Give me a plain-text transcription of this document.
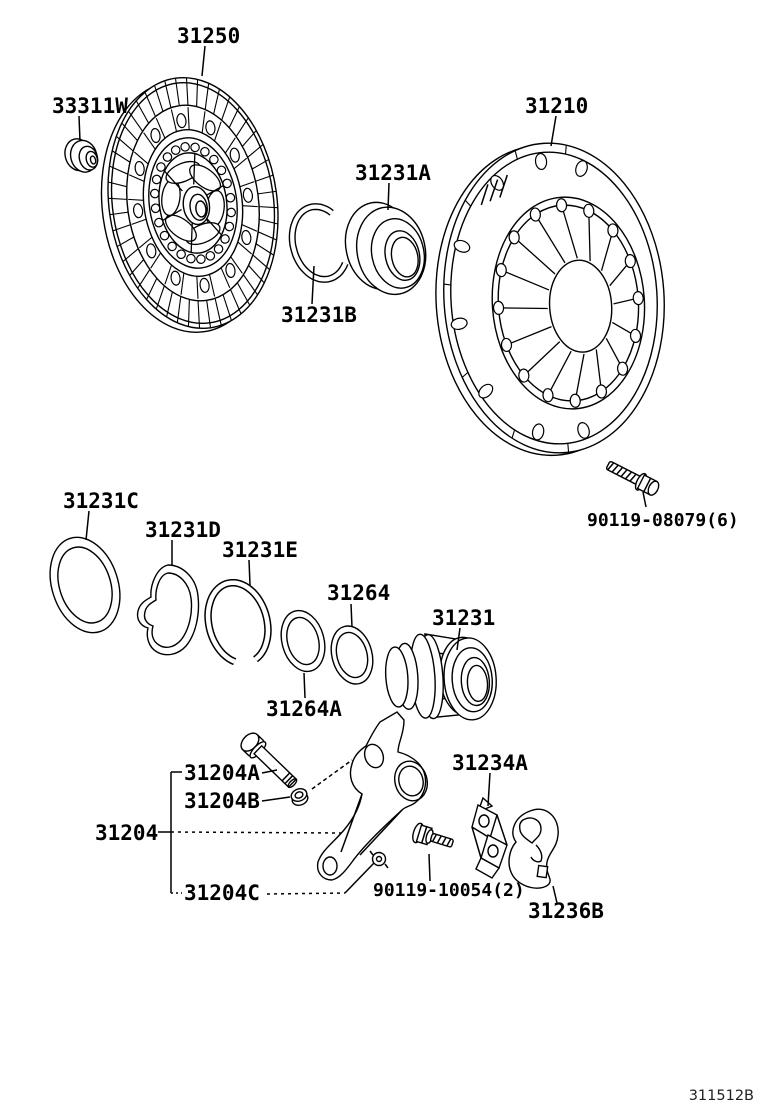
31250
33311W
31231A
31210
31231B
90119-08079(6)
31231C
31231D
31231E
31264
31231
31264A
31204
31204A
31204B
31204C	90119-10054(2)
31234A
31236B
311512B
